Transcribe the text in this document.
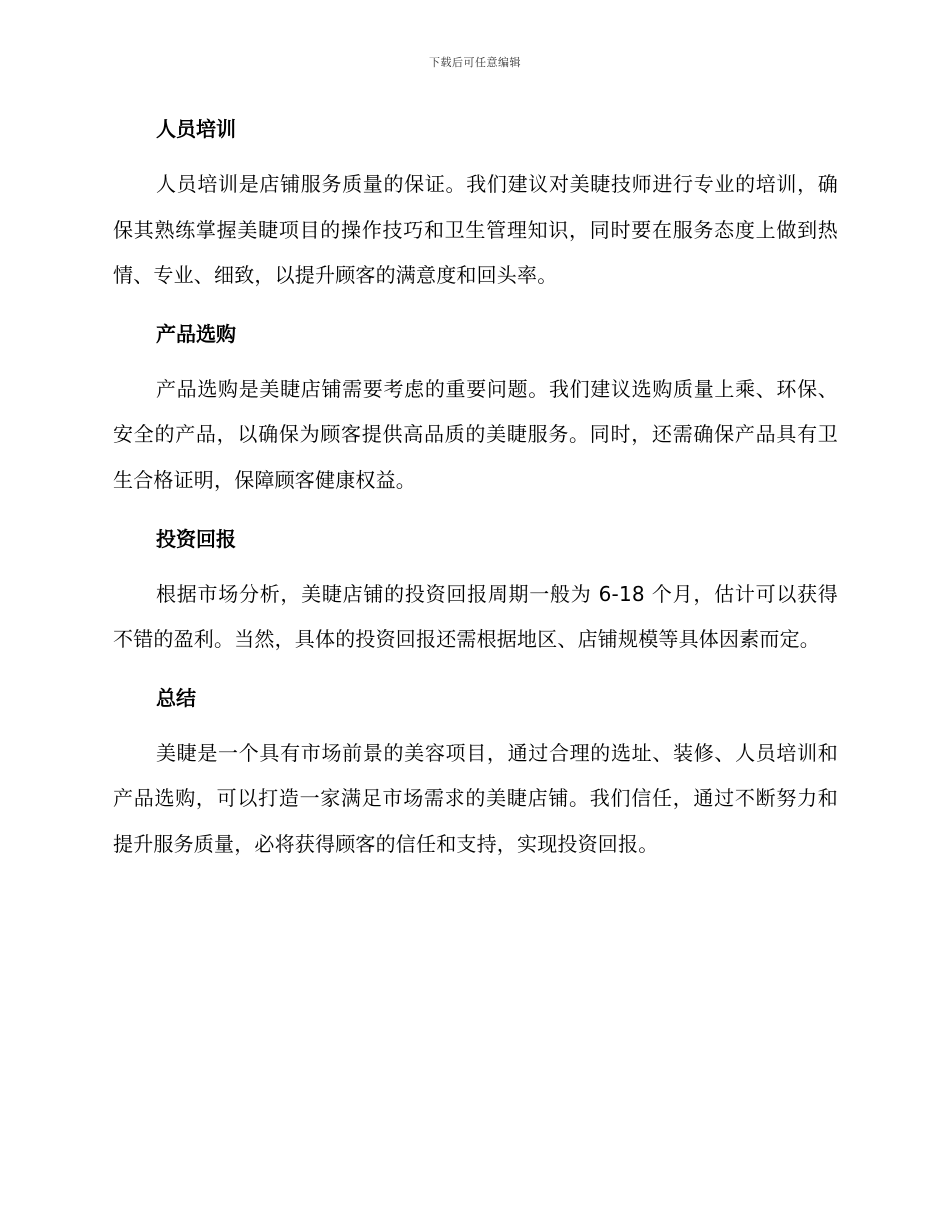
下载后可任意编辑
人员培训

人员培训是店铺服务质量的保证。我们建议对美睫技师进行专业的培训，确保其熟练掌握美睫项目的操作技巧和卫生管理知识，同时要在服务态度上做到热情、专业、细致，以提升顾客的满意度和回头率。

产品选购

产品选购是美睫店铺需要考虑的重要问题。我们建议选购质量上乘、环保、安全的产品，以确保为顾客提供高品质的美睫服务。同时，还需确保产品具有卫生合格证明，保障顾客健康权益。

投资回报

根据市场分析，美睫店铺的投资回报周期一般为 6-18 个月，估计可以获得不错的盈利。当然，具体的投资回报还需根据地区、店铺规模等具体因素而定。

总结

美睫是一个具有市场前景的美容项目，通过合理的选址、装修、人员培训和产品选购，可以打造一家满足市场需求的美睫店铺。我们信任，通过不断努力和提升服务质量，必将获得顾客的信任和支持，实现投资回报。
